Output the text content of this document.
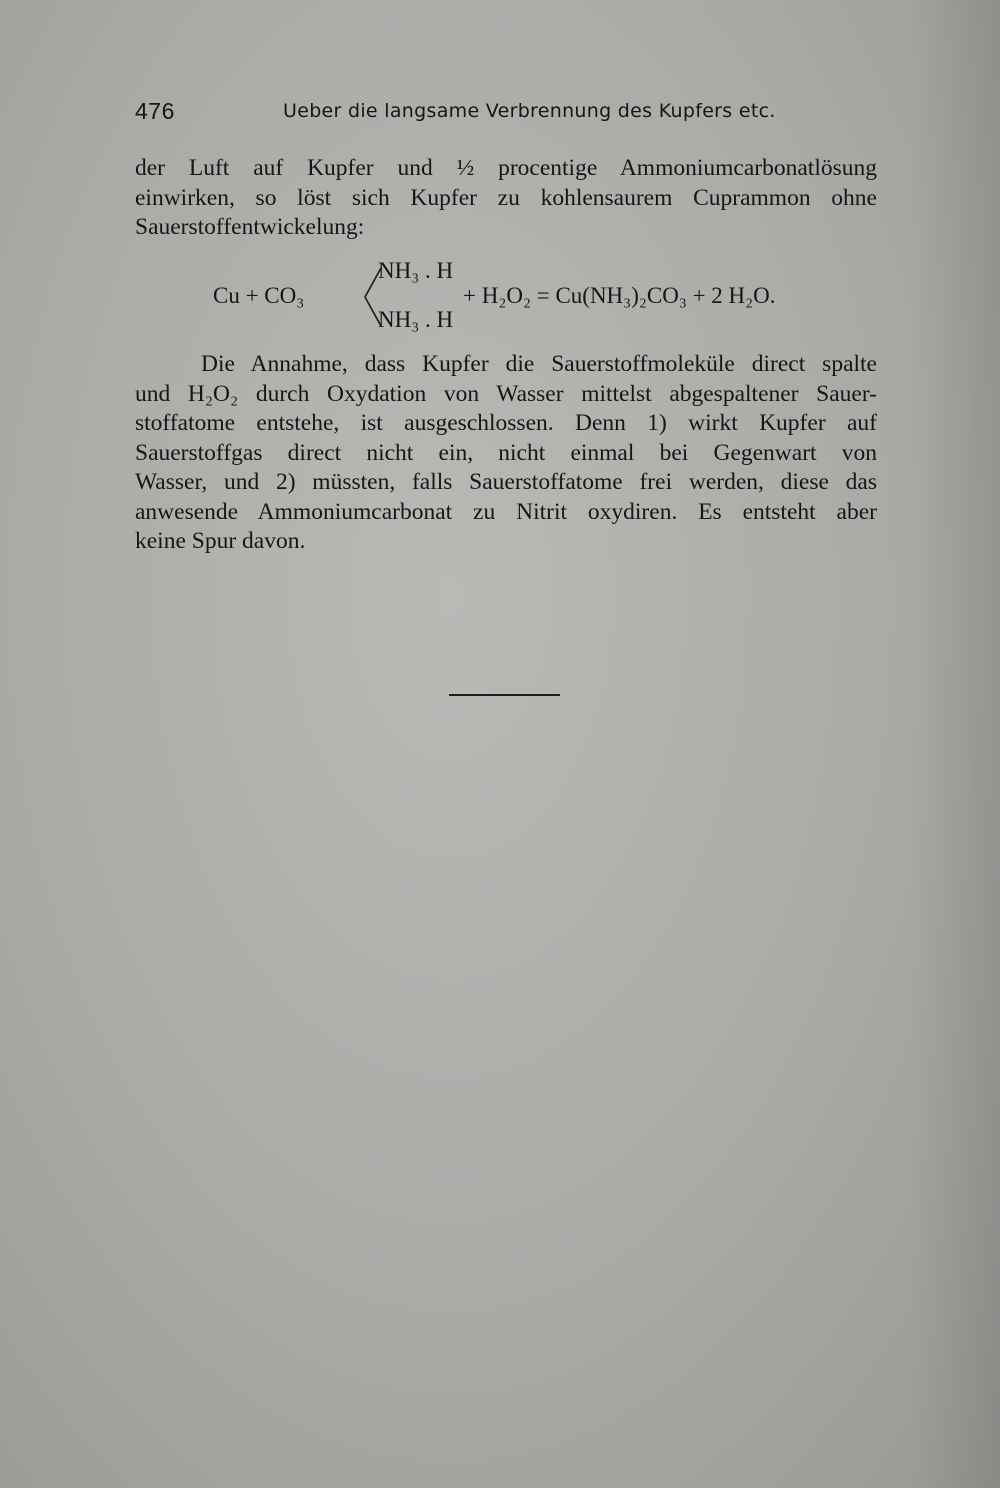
476	Ueber die langsame Verbrennung des Kupfers etc.
der Luft auf Kupfer und ½ procentige Ammoniumcarbonatlösung
einwirken, so löst sich Kupfer zu kohlensaurem Cuprammon ohne
Sauerstoffentwickelung:
Cu + CO₃
NH₃ . H
NH₃ . H
+ H₂O₂ = Cu(NH₃)₂CO₃ + 2 H₂O.
Die Annahme, dass Kupfer die Sauerstoffmoleküle direct spalte
und H₂O₂ durch Oxydation von Wasser mittelst abgespaltener Sauer-
stoffatome entstehe, ist ausgeschlossen. Denn 1) wirkt Kupfer auf
Sauerstoffgas direct nicht ein, nicht einmal bei Gegenwart von
Wasser, und 2) müssten, falls Sauerstoffatome frei werden, diese das
anwesende Ammoniumcarbonat zu Nitrit oxydiren. Es entsteht aber
keine Spur davon.
